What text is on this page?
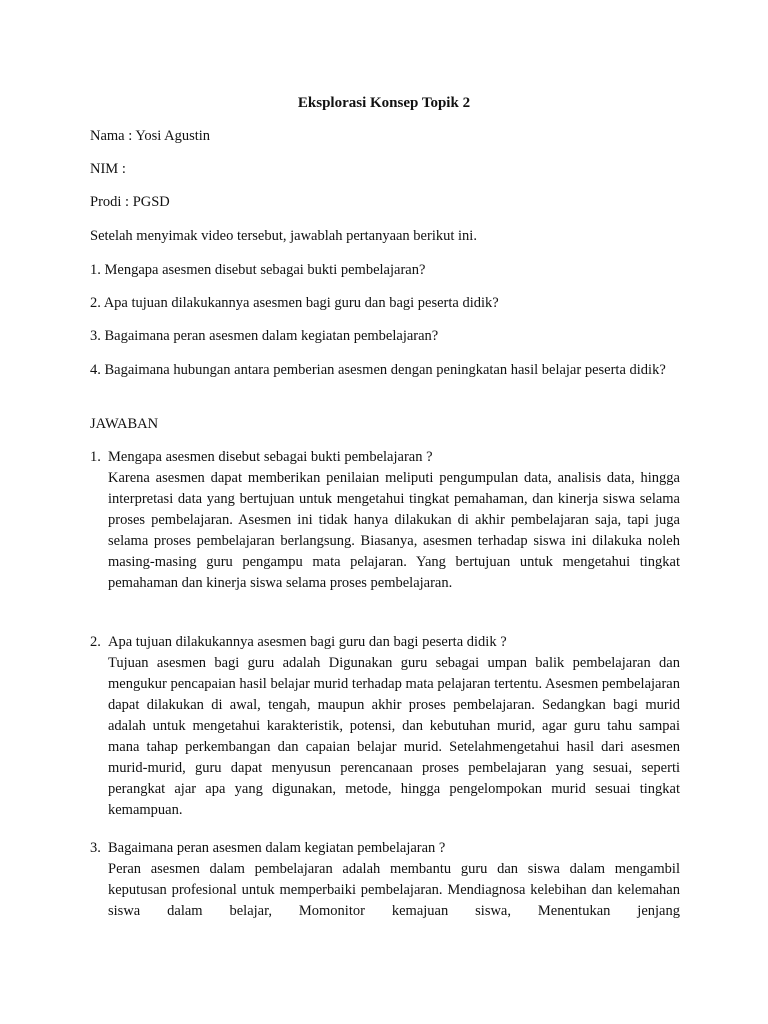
Eksplorasi Konsep Topik 2
Nama : Yosi Agustin
NIM :
Prodi : PGSD
Setelah menyimak video tersebut, jawablah pertanyaan berikut ini.
1. Mengapa asesmen disebut sebagai bukti pembelajaran?
2. Apa tujuan dilakukannya asesmen bagi guru dan bagi peserta didik?
3. Bagaimana peran asesmen dalam kegiatan pembelajaran?
4. Bagaimana hubungan antara pemberian asesmen dengan peningkatan hasil belajar peserta didik?
JAWABAN
1. Mengapa asesmen disebut sebagai bukti pembelajaran ?
Karena asesmen dapat memberikan penilaian meliputi pengumpulan data, analisis data, hingga interpretasi data yang bertujuan untuk mengetahui tingkat pemahaman, dan kinerja siswa selama proses pembelajaran. Asesmen ini tidak hanya dilakukan di akhir pembelajaran saja, tapi juga selama proses pembelajaran berlangsung. Biasanya, asesmen terhadap siswa ini dilakuka noleh masing-masing guru pengampu mata pelajaran. Yang bertujuan untuk mengetahui tingkat pemahaman dan kinerja siswa selama proses pembelajaran.
2. Apa tujuan dilakukannya asesmen bagi guru dan bagi peserta didik ?
Tujuan asesmen bagi guru adalah Digunakan guru sebagai umpan balik pembelajaran dan mengukur pencapaian hasil belajar murid terhadap mata pelajaran tertentu. Asesmen pembelajaran dapat dilakukan di awal, tengah, maupun akhir proses pembelajaran. Sedangkan bagi murid adalah untuk mengetahui karakteristik, potensi, dan kebutuhan murid, agar guru tahu sampai mana tahap perkembangan dan capaian belajar murid. Setelahmengetahui hasil dari asesmen murid-murid, guru dapat menyusun perencanaan proses pembelajaran yang sesuai, seperti perangkat ajar apa yang digunakan, metode, hingga pengelompokan murid sesuai tingkat kemampuan.
3. Bagaimana peran asesmen dalam kegiatan pembelajaran ?
Peran asesmen dalam pembelajaran adalah membantu guru dan siswa dalam mengambil keputusan profesional untuk memperbaiki pembelajaran. Mendiagnosa kelebihan dan kelemahan siswa dalam belajar, Momonitor kemajuan siswa, Menentukan jenjang
